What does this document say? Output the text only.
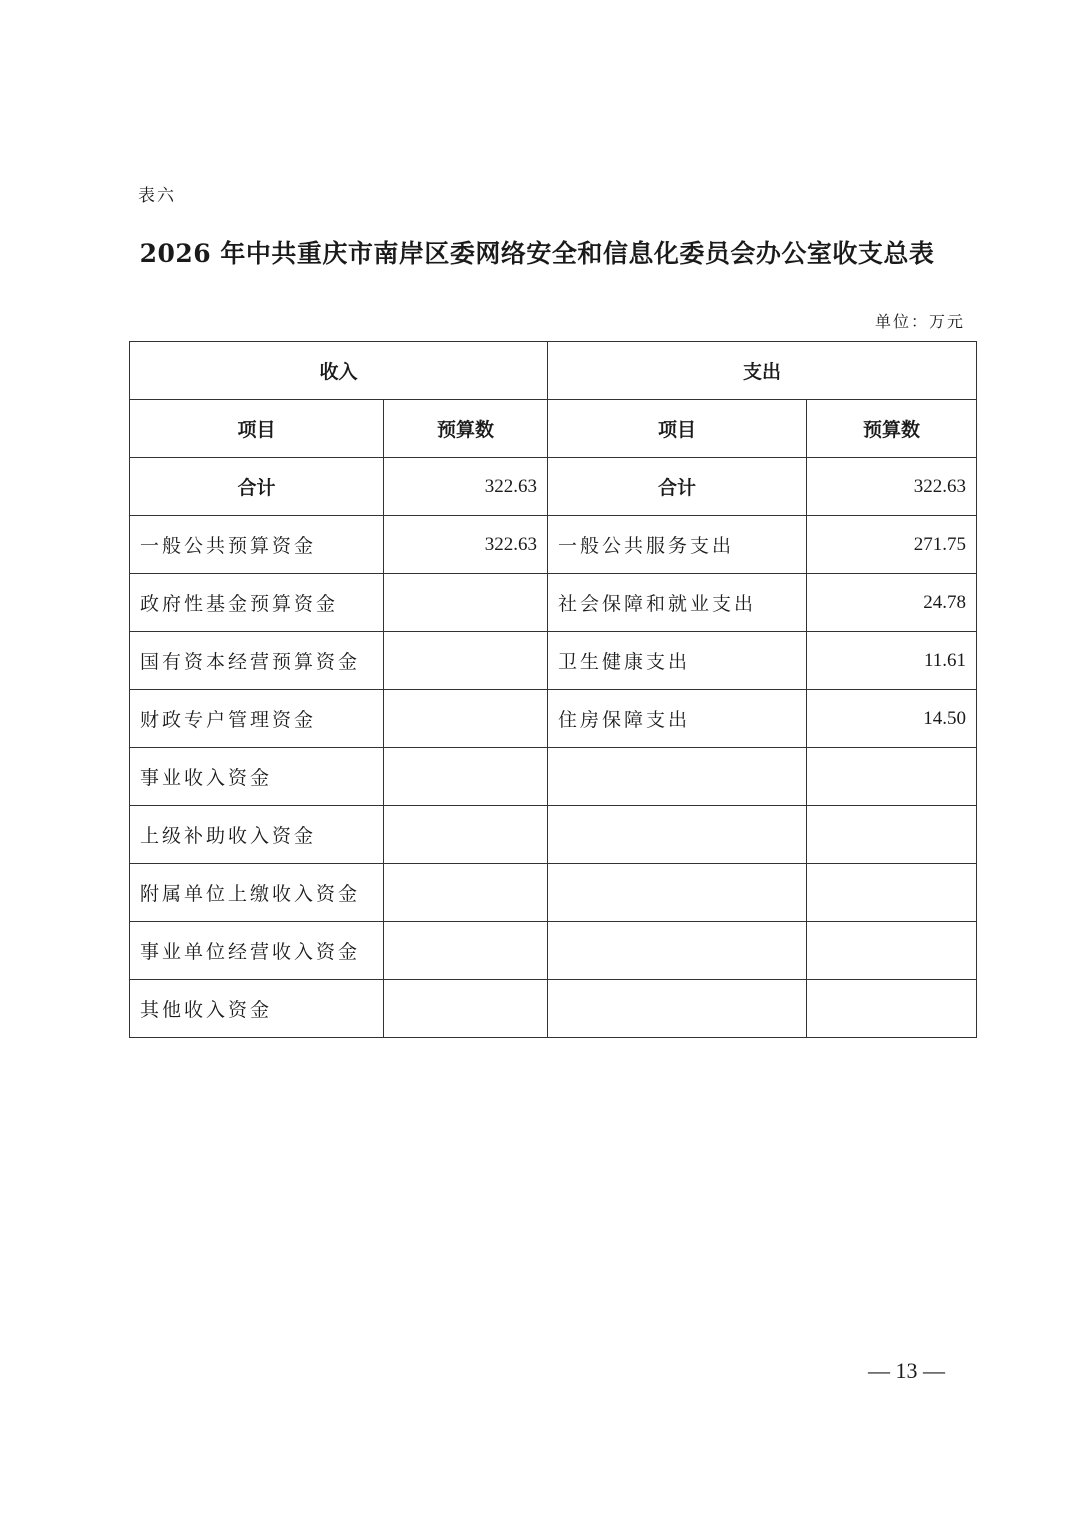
表六
2026 年中共重庆市南岸区委网络安全和信息化委员会办公室收支总表
单位：万元
收入		支出	
项目	预算数	项目	预算数
合计	322.63	合计	322.63
一般公共预算资金	322.63	一般公共服务支出	271.75
政府性基金预算资金		社会保障和就业支出	24.78
国有资本经营预算资金		卫生健康支出	11.61
财政专户管理资金		住房保障支出	14.50
事业收入资金			
上级补助收入资金			
附属单位上缴收入资金			
事业单位经营收入资金			
其他收入资金			
— 13 —
